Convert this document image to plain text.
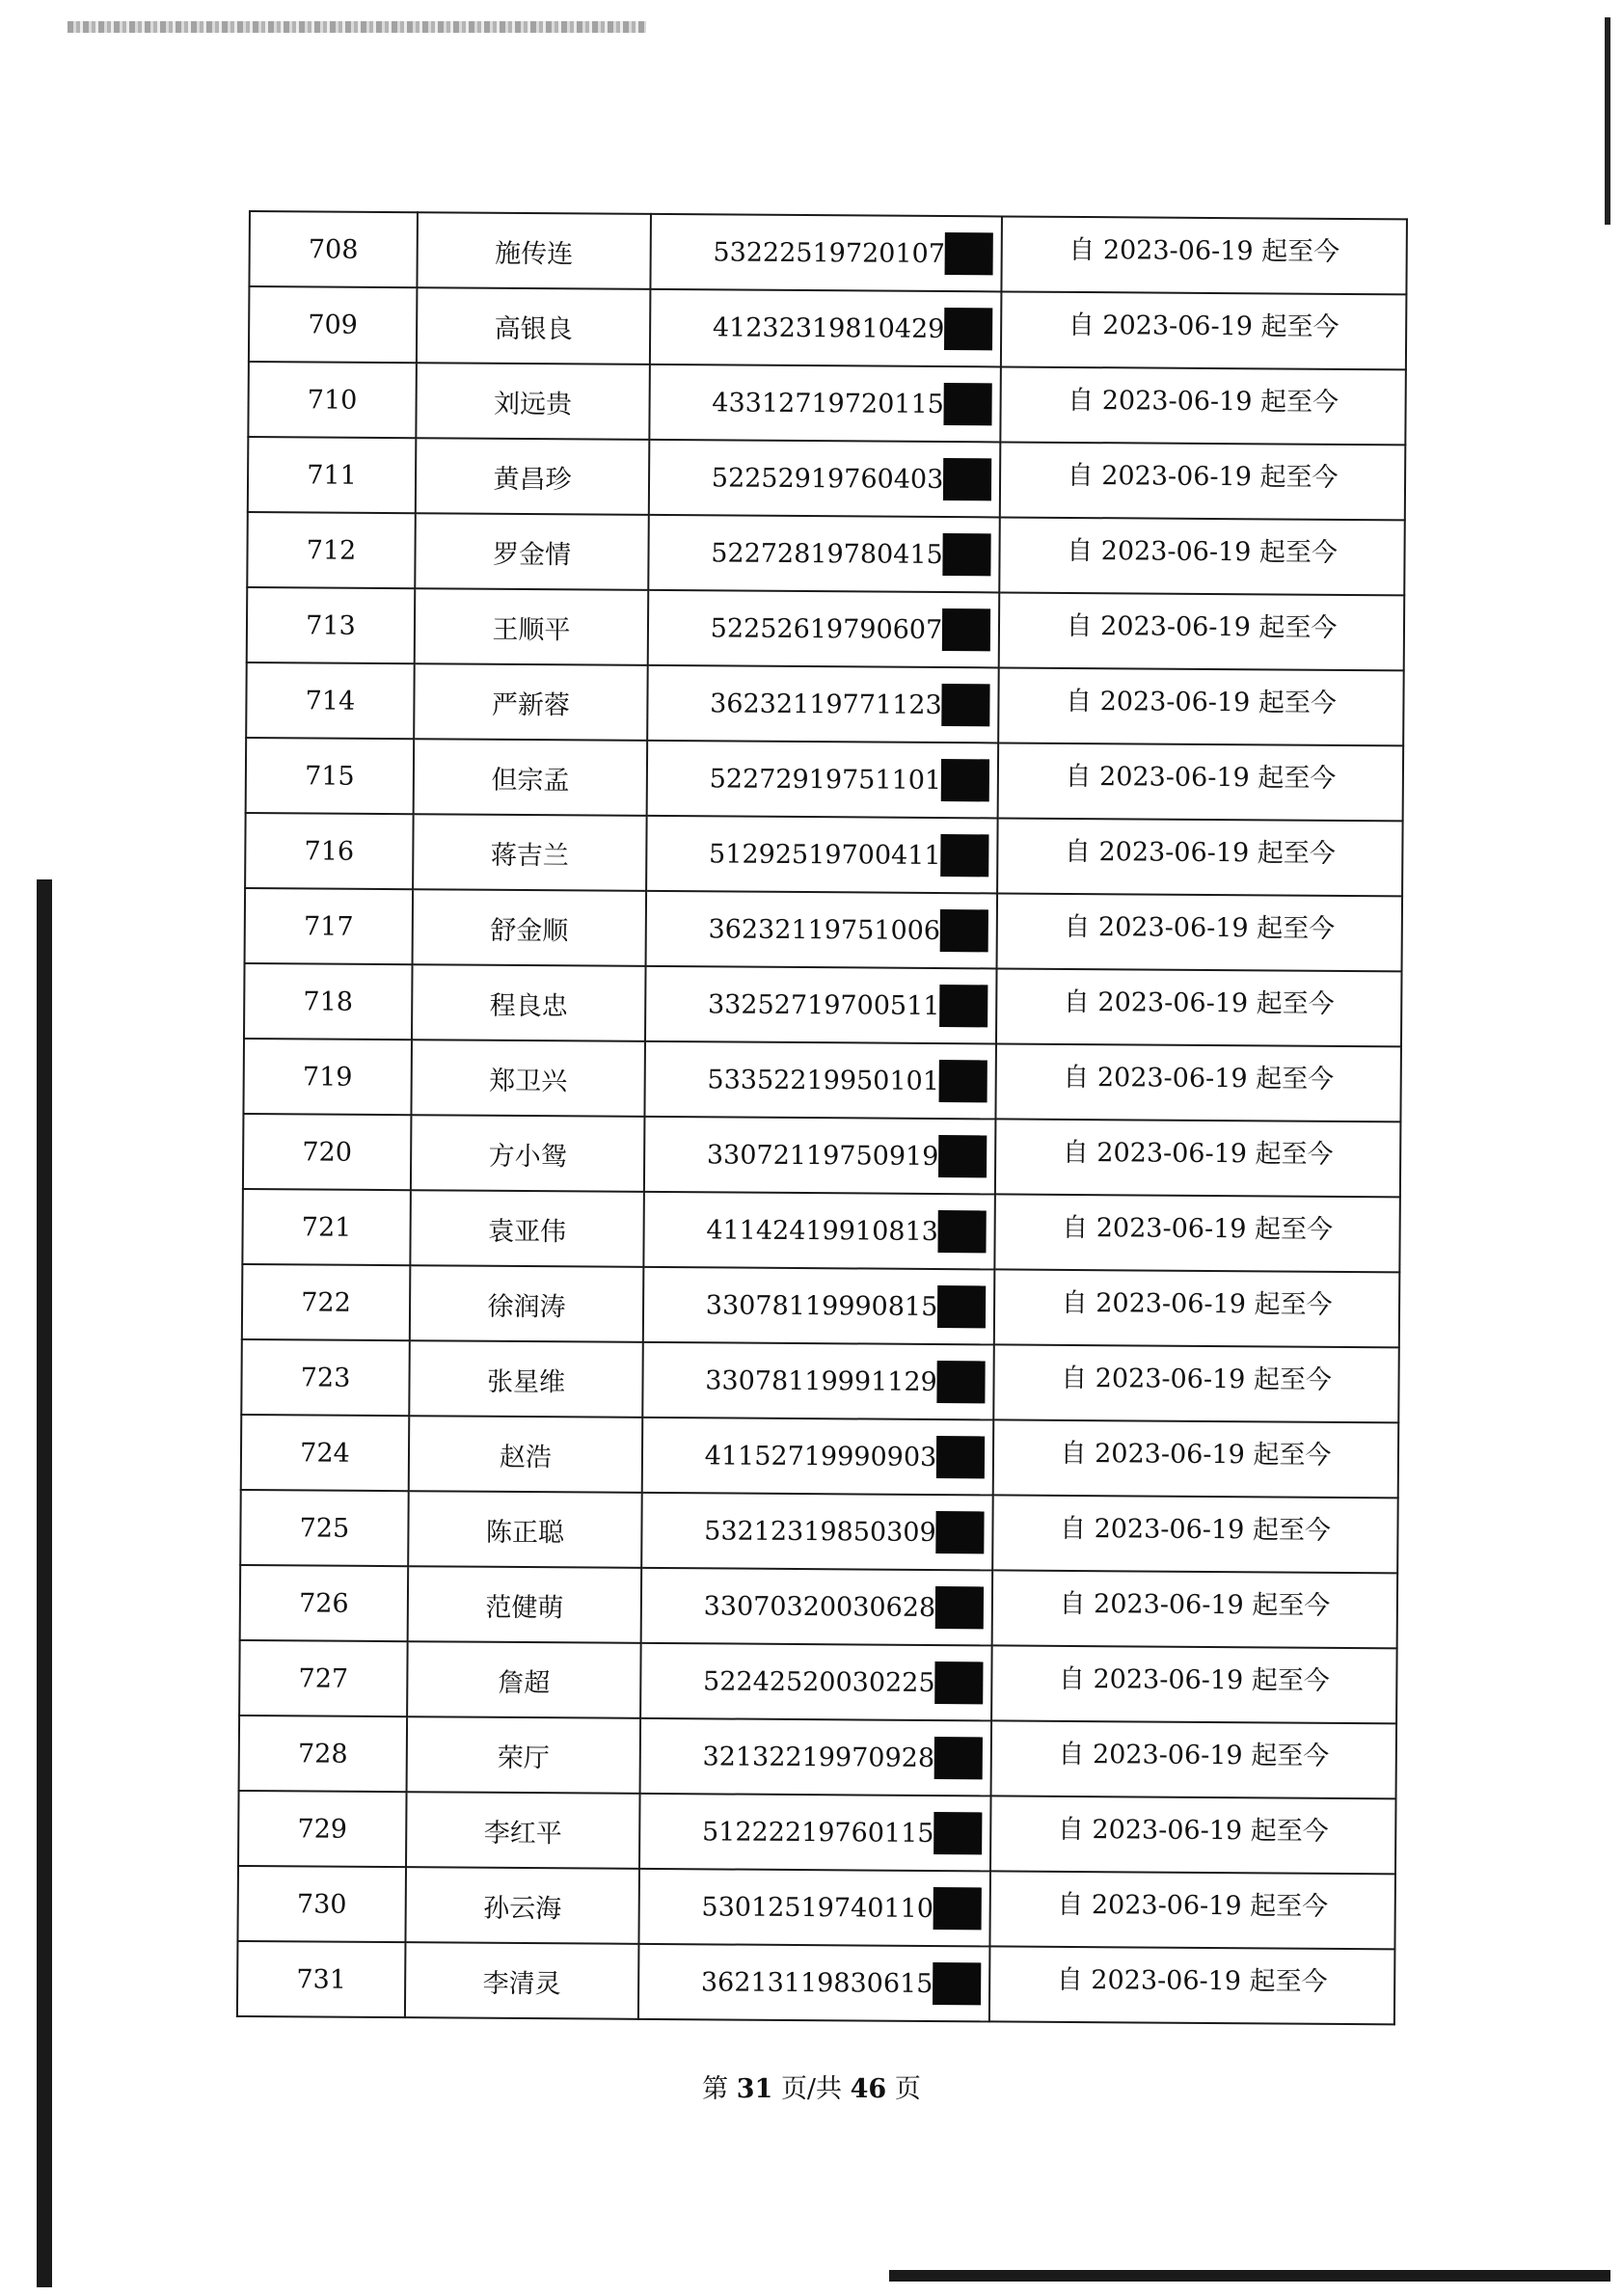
708	施传连	53222519720107	自 2023-06-19 起至今
709	高银良	41232319810429	自 2023-06-19 起至今
710	刘远贵	43312719720115	自 2023-06-19 起至今
711	黄昌珍	52252919760403	自 2023-06-19 起至今
712	罗金情	52272819780415	自 2023-06-19 起至今
713	王顺平	52252619790607	自 2023-06-19 起至今
714	严新蓉	36232119771123	自 2023-06-19 起至今
715	但宗孟	52272919751101	自 2023-06-19 起至今
716	蒋吉兰	51292519700411	自 2023-06-19 起至今
717	舒金顺	36232119751006	自 2023-06-19 起至今
718	程良忠	33252719700511	自 2023-06-19 起至今
719	郑卫兴	53352219950101	自 2023-06-19 起至今
720	方小鸳	33072119750919	自 2023-06-19 起至今
721	袁亚伟	41142419910813	自 2023-06-19 起至今
722	徐润涛	33078119990815	自 2023-06-19 起至今
723	张星维	33078119991129	自 2023-06-19 起至今
724	赵浩	41152719990903	自 2023-06-19 起至今
725	陈正聪	53212319850309	自 2023-06-19 起至今
726	范健萌	33070320030628	自 2023-06-19 起至今
727	詹超	52242520030225	自 2023-06-19 起至今
728	荣厅	32132219970928	自 2023-06-19 起至今
729	李红平	51222219760115	自 2023-06-19 起至今
730	孙云海	53012519740110	自 2023-06-19 起至今
731	李清灵	36213119830615	自 2023-06-19 起至今
第 31 页/共 46 页
